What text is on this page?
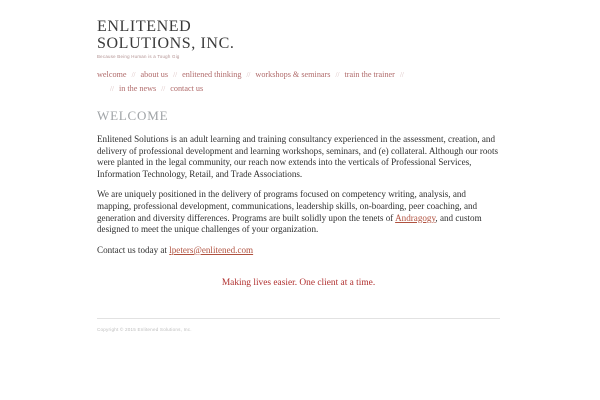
ENLITENED
SOLUTIONS, INC.
Because Being Human is a Tough Gig
welcome // about us // enlitened thinking // workshops & seminars // train the trainer //
// in the news // contact us
WELCOME

Enlitened Solutions is an adult learning and training consultancy experienced in the assessment, creation, and delivery of professional development and learning workshops, seminars, and (e) collateral. Although our roots were planted in the legal community, our reach now extends into the verticals of Professional Services, Information Technology, Retail, and Trade Associations.

We are uniquely positioned in the delivery of programs focused on competency writing, analysis, and mapping, professional development, communications, leadership skills, on-boarding, peer coaching, and generation and diversity differences. Programs are built solidly upon the tenets of Andragogy, and custom designed to meet the unique challenges of your organization.

Contact us today at lpeters@enlitened.com

Making lives easier. One client at a time.
Copyright © 2015 Enlitened Solutions, Inc.
